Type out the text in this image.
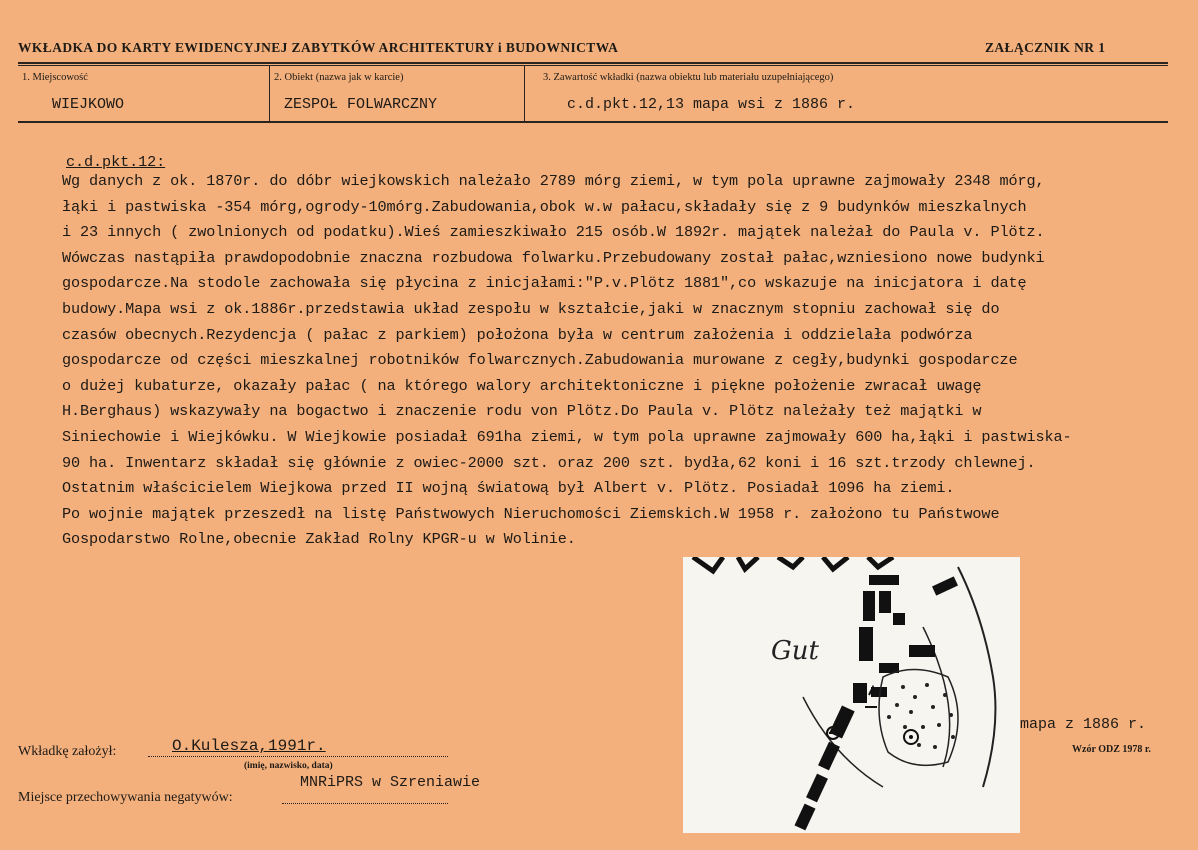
WKŁADKA DO KARTY EWIDENCYJNEJ ZABYTKÓW ARCHITEKTURY i BUDOWNICTWA	ZAŁĄCZNIK NR 1
1. Miejscowość
WIEJKOWO
2. Obiekt (nazwa jak w karcie)
ZESPOŁ FOLWARCZNY
3. Zawartość wkładki (nazwa obiektu lub materiału uzupełniającego)
c.d.pkt.12,13 mapa wsi z 1886 r.
c.d.pkt.12:
Wg danych z ok. 1870r. do dóbr wiejkowskich należało 2789 mórg ziemi, w tym pola uprawne zajmowały 2348 mórg,
łąki i pastwiska -354 mórg,ogrody-10mórg.Zabudowania,obok w.w pałacu,składały się z 9 budynków mieszkalnych
i 23 innych ( zwolnionych od podatku).Wieś zamieszkiwało 215 osób.W 1892r. majątek należał do Paula v. Plötz.
Wówczas nastąpiła prawdopodobnie znaczna rozbudowa folwarku.Przebudowany został pałac,wzniesiono nowe budynki
gospodarcze.Na stodole zachowała się płycina z inicjałami:"P.v.Plötz 1881",co wskazuje na inicjatora i datę
budowy.Mapa wsi z ok.1886r.przedstawia układ zespołu w kształcie,jaki w znacznym stopniu zachował się do
czasów obecnych.Rezydencja ( pałac z parkiem) położona była w centrum założenia i oddzielała podwórza
gospodarcze od części mieszkalnej robotników folwarcznych.Zabudowania murowane z cegły,budynki gospodarcze
o dużej kubaturze, okazały pałac ( na którego walory architektoniczne i piękne położenie zwracał uwagę
H.Berghaus) wskazywały na bogactwo i znaczenie rodu von Plötz.Do Paula v. Plötz należały też majątki w
Siniechowie i Wiejkówku. W Wiejkowie posiadał 691ha ziemi, w tym pola uprawne zajmowały 600 ha,łąki i pastwiska-
90 ha. Inwentarz składał się głównie z owiec-2000 szt. oraz 200 szt. bydła,62 koni i 16 szt.trzody chlewnej.
Ostatnim właścicielem Wiejkowa przed II wojną światową był Albert v. Plötz. Posiadał 1096 ha ziemi.
Po wojnie majątek przeszedł na listę Państwowych Nieruchomości Ziemskich.W 1958 r. założono tu Państwowe
Gospodarstwo Rolne,obecnie Zakład Rolny KPGR-u w Wolinie.
Gut
mapa z 1886 r.
Wkładkę założył:	O.Kulesza,1991r.
(imię, nazwisko, data)
Miejsce przechowywania negatywów:
MNRiPRS w Szreniawie
Wzór ODZ 1978 r.
